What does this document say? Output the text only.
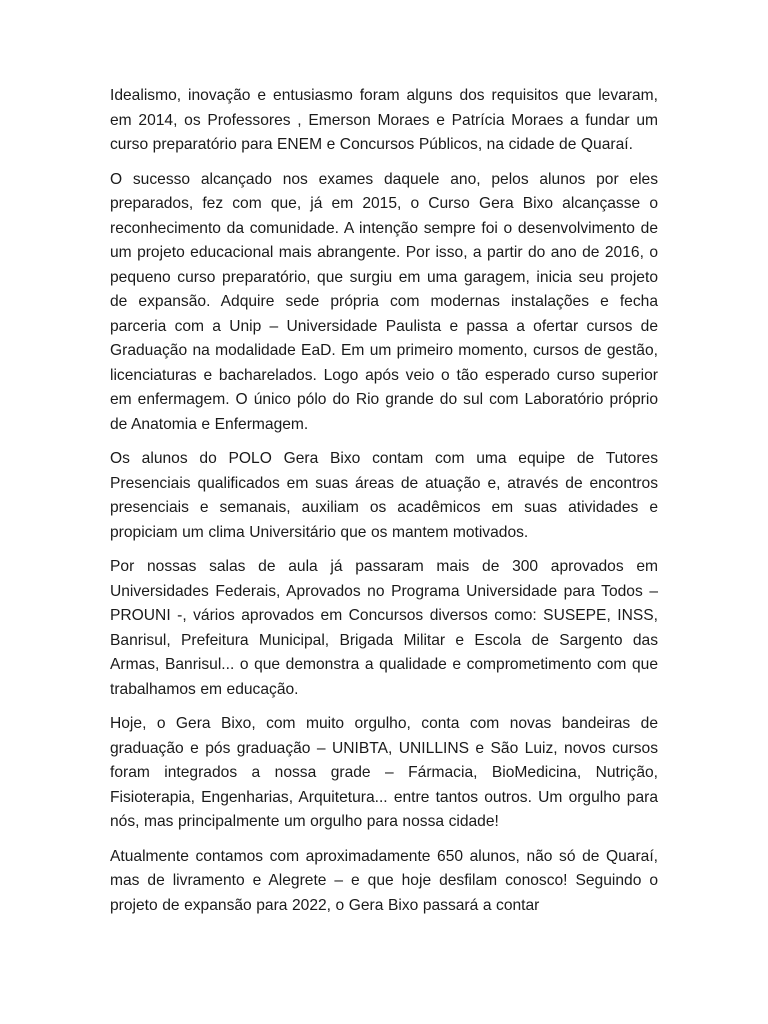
Idealismo, inovação e entusiasmo foram alguns dos requisitos que levaram, em 2014, os Professores , Emerson Moraes e Patrícia Moraes a fundar um curso preparatório para ENEM e Concursos Públicos, na cidade de Quaraí.

O sucesso alcançado nos exames daquele ano, pelos alunos por eles preparados, fez com que, já em 2015, o Curso Gera Bixo alcançasse o reconhecimento da comunidade. A intenção sempre foi o desenvolvimento de um projeto educacional mais abrangente. Por isso, a partir do ano de 2016, o pequeno curso preparatório, que surgiu em uma garagem, inicia seu projeto de expansão. Adquire sede própria com modernas instalações e fecha parceria com a Unip – Universidade Paulista e passa a ofertar cursos de Graduação na modalidade EaD. Em um primeiro momento, cursos de gestão, licenciaturas e bacharelados. Logo após veio o tão esperado curso superior em enfermagem. O único pólo do Rio grande do sul com Laboratório próprio de Anatomia e Enfermagem.

Os alunos do POLO Gera Bixo contam com uma equipe de Tutores Presenciais qualificados em suas áreas de atuação e, através de encontros presenciais e semanais, auxiliam os acadêmicos em suas atividades e propiciam um clima Universitário que os mantem motivados.

Por nossas salas de aula já passaram mais de 300 aprovados em Universidades Federais, Aprovados no Programa Universidade para Todos – PROUNI -, vários aprovados em Concursos diversos como: SUSEPE, INSS, Banrisul, Prefeitura Municipal, Brigada Militar e Escola de Sargento das Armas, Banrisul... o que demonstra a qualidade e comprometimento com que trabalhamos em educação.

Hoje, o Gera Bixo, com muito orgulho, conta com novas bandeiras de graduação e pós graduação – UNIBTA, UNILLINS e São Luiz, novos cursos foram integrados a nossa grade – Fármacia, BioMedicina, Nutrição, Fisioterapia, Engenharias, Arquitetura... entre tantos outros. Um orgulho para nós, mas principalmente um orgulho para nossa cidade!

Atualmente contamos com aproximadamente 650 alunos, não só de Quaraí, mas de livramento e Alegrete – e que hoje desfilam conosco! Seguindo o projeto de expansão para 2022, o Gera Bixo passará a contar
